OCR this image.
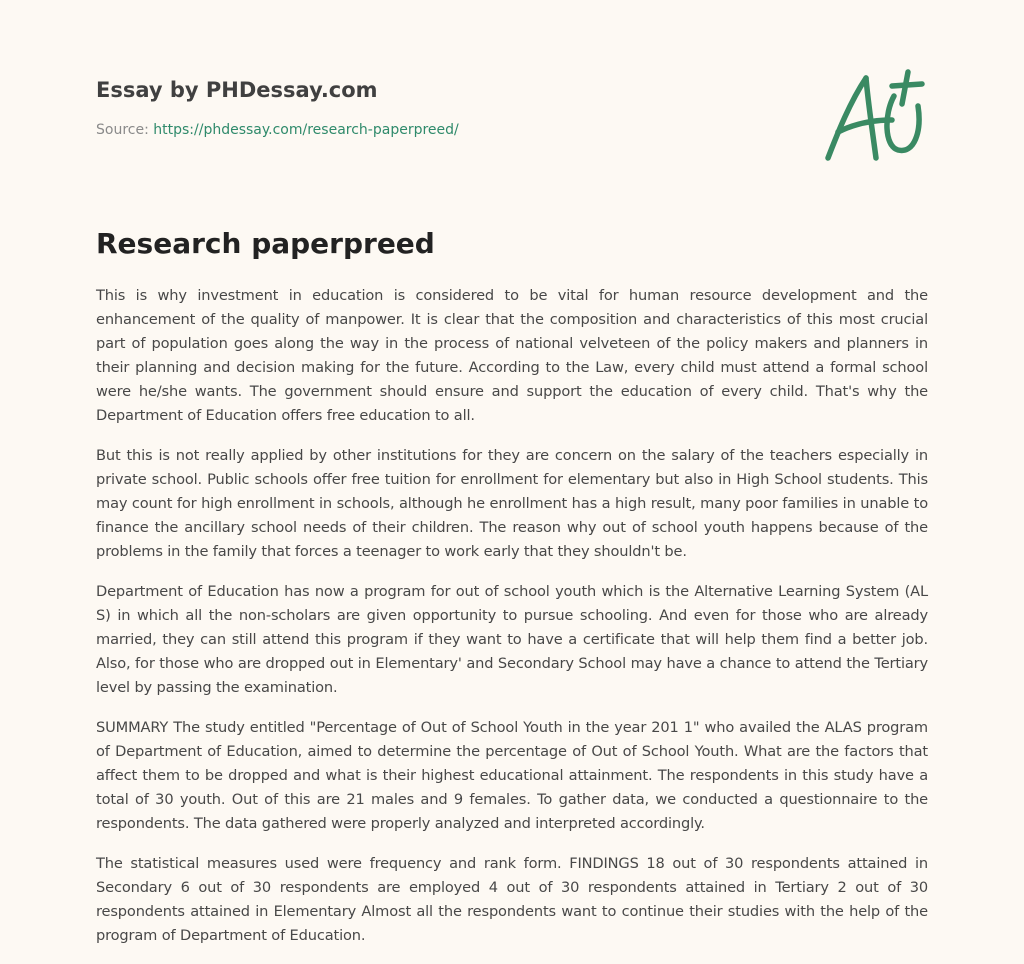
Essay by PHDessay.com
Source: https://phdessay.com/research-paperpreed/
Research paperpreed

This is why investment in education is considered to be vital for human resource development and the enhancement of the quality of manpower. It is clear that the composition and characteristics of this most crucial part of population goes along the way in the process of national velveteen of the policy makers and planners in their planning and decision making for the future. According to the Law, every child must attend a formal school were he/she wants. The government should ensure and support the education of every child. That's why the Department of Education offers free education to all.

But this is not really applied by other institutions for they are concern on the salary of the teachers especially in private school. Public schools offer free tuition for enrollment for elementary but also in High School students. This may count for high enrollment in schools, although he enrollment has a high result, many poor families in unable to finance the ancillary school needs of their children. The reason why out of school youth happens because of the problems in the family that forces a teenager to work early that they shouldn't be.

Department of Education has now a program for out of school youth which is the Alternative Learning System (AL S) in which all the non-scholars are given opportunity to pursue schooling. And even for those who are already married, they can still attend this program if they want to have a certificate that will help them find a better job. Also, for those who are dropped out in Elementary' and Secondary School may have a chance to attend the Tertiary level by passing the examination.

SUMMARY The study entitled "Percentage of Out of School Youth in the year 201 1" who availed the ALAS program of Department of Education, aimed to determine the percentage of Out of School Youth. What are the factors that affect them to be dropped and what is their highest educational attainment. The respondents in this study have a total of 30 youth. Out of this are 21 males and 9 females. To gather data, we conducted a questionnaire to the respondents. The data gathered were properly analyzed and interpreted accordingly.

The statistical measures used were frequency and rank form. FINDINGS 18 out of 30 respondents attained in Secondary 6 out of 30 respondents are employed 4 out of 30 respondents attained in Tertiary 2 out of 30 respondents attained in Elementary Almost all the respondents want to continue their studies with the help of the program of Department of Education.
